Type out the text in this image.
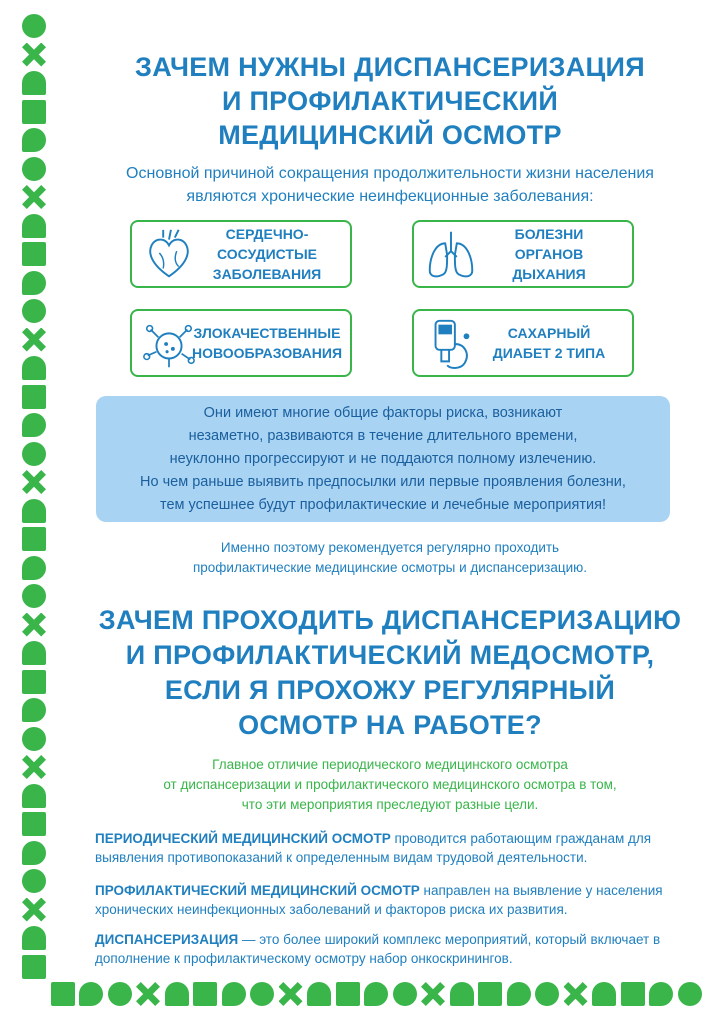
ЗАЧЕМ НУЖНЫ ДИСПАНСЕРИЗАЦИЯ
И ПРОФИЛАКТИЧЕСКИЙ
МЕДИЦИНСКИЙ ОСМОТР

Основной причиной сокращения продолжительности жизни населения
являются хронические неинфекционные заболевания:

СЕРДЕЧНО-
СОСУДИСТЫЕ
ЗАБОЛЕВАНИЯ
БОЛЕЗНИ
ОРГАНОВ
ДЫХАНИЯ
ЗЛОКАЧЕСТВЕННЫЕ
НОВООБРАЗОВАНИЯ
САХАРНЫЙ
ДИАБЕТ 2 ТИПА

Они имеют многие общие факторы риска, возникают
незаметно, развиваются в течение длительного времени,
неуклонно прогрессируют и не поддаются полному излечению.
Но чем раньше выявить предпосылки или первые проявления болезни,
тем успешнее будут профилактические и лечебные мероприятия!

Именно поэтому рекомендуется регулярно проходить
профилактические медицинские осмотры и диспансеризацию.

ЗАЧЕМ ПРОХОДИТЬ ДИСПАНСЕРИЗАЦИЮ
И ПРОФИЛАКТИЧЕСКИЙ МЕДОСМОТР,
ЕСЛИ Я ПРОХОЖУ РЕГУЛЯРНЫЙ
ОСМОТР НА РАБОТЕ?

Главное отличие периодического медицинского осмотра
от диспансеризации и профилактического медицинского осмотра в том,
что эти мероприятия преследуют разные цели.

ПЕРИОДИЧЕСКИЙ МЕДИЦИНСКИЙ ОСМОТР проводится работающим гражданам для выявления противопоказаний к определенным видам трудовой деятельности.

ПРОФИЛАКТИЧЕСКИЙ МЕДИЦИНСКИЙ ОСМОТР направлен на выявление у населения хронических неинфекционных заболеваний и факторов риска их развития.

ДИСПАНСЕРИЗАЦИЯ — это более широкий комплекс мероприятий, который включает в дополнение к профилактическому осмотру набор онкоскринингов.
